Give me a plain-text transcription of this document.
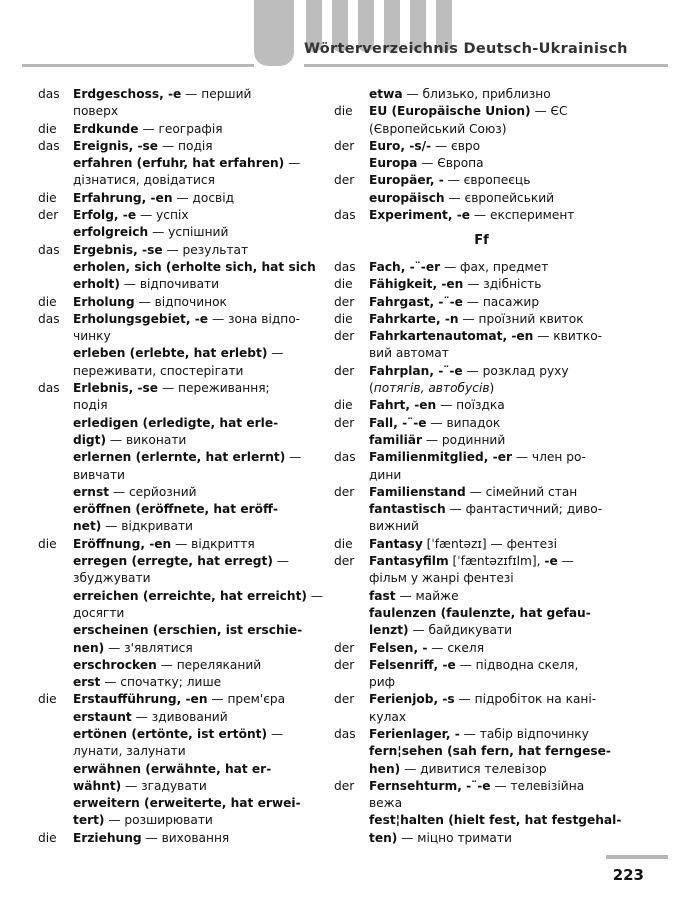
Wörterverzeichnis Deutsch-Ukrainisch
das Erdgeschoss, -e — перший
поверх
die Erdkunde — географія
das Ereignis, -se — подія
erfahren (erfuhr, hat erfahren) —
дізнатися, довідатися
die Erfahrung, -en — досвід
der Erfolg, -e — успіх
erfolgreich — успішний
das Ergebnis, -se — результат
erholen, sich (erholte sich, hat sich
erholt) — відпочивати
die Erholung — відпочинок
das Erholungsgebiet, -e — зона відпо-
чинку
erleben (erlebte, hat erlebt) —
переживати, спостерігати
das Erlebnis, -se — переживання;
подія
erledigen (erledigte, hat erle-
digt) — виконати
erlernen (erlernte, hat erlernt) —
вивчати
ernst — серйозний
eröffnen (eröffnete, hat eröff-
net) — відкривати
die Eröffnung, -en — відкриття
erregen (erregte, hat erregt) —
збуджувати
erreichen (erreichte, hat erreicht) —
досягти
erscheinen (erschien, ist erschie-
nen) — з'являтися
erschrocken — переляканий
erst — спочатку; лише
die Erstaufführung, -en — прем'єра
erstaunt — здивований
ertönen (ertönte, ist ertönt) —
лунати, залунати
erwähnen (erwähnte, hat er-
wähnt) — згадувати
erweitern (erweiterte, hat erwei-
tert) — розширювати
die Erziehung — виховання
etwa — близько, приблизно
die EU (Europäische Union) — ЄС
(Європейський Союз)
der Euro, -s/- — євро
Europa — Європа
der Europäer, - — європеєць
europäisch — європейський
das Experiment, -e — експеримент
Ff
das Fach, -¨-er — фах, предмет
die Fähigkeit, -en — здібність
der Fahrgast, -¨-e — пасажир
die Fahrkarte, -n — проїзний квиток
der Fahrkartenautomat, -en — квитко-
вий автомат
der Fahrplan, -¨-e — розклад руху
(потягів, автобусів)
die Fahrt, -en — поїздка
der Fall, -¨-e — випадок
familiär — родинний
das Familienmitglied, -er — член ро-
дини
der Familienstand — сімейний стан
fantastisch — фантастичний; диво-
вижний
die Fantasy [ˈfæntəzɪ] — фентезі
der Fantasyfilm [ˈfæntəzɪfɪlm], -e —
фільм у жанрі фентезі
fast — майже
faulenzen (faulenzte, hat gefau-
lenzt) — байдикувати
der Felsen, - — скеля
der Felsenriff, -e — підводна скеля,
риф
der Ferienjob, -s — підробіток на кані-
кулах
das Ferienlager, - — табір відпочинку
fern¦sehen (sah fern, hat ferngese-
hen) — дивитися телевізор
der Fernsehturm, -¨-e — телевізійна
вежа
fest¦halten (hielt fest, hat festgehal-
ten) — міцно тримати
223
